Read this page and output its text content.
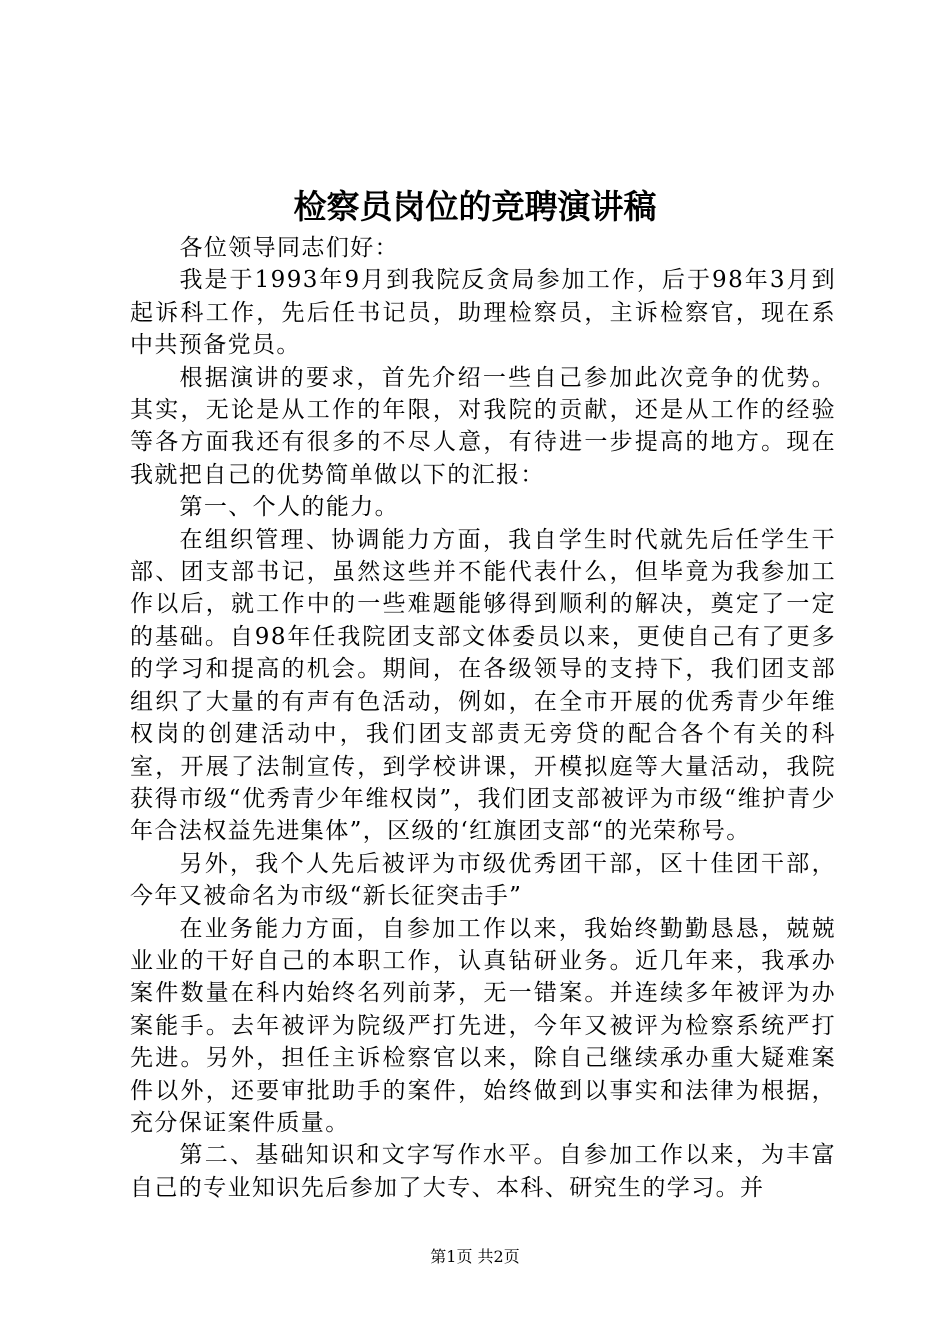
检察员岗位的竞聘演讲稿

各位领导同志们好：

我是于1993年9月到我院反贪局参加工作，后于98年3月到起诉科工作，先后任书记员，助理检察员，主诉检察官，现在系中共预备党员。

根据演讲的要求，首先介绍一些自己参加此次竞争的优势。其实，无论是从工作的年限，对我院的贡献，还是从工作的经验等各方面我还有很多的不尽人意，有待进一步提高的地方。现在我就把自己的优势简单做以下的汇报：

第一、个人的能力。

在组织管理、协调能力方面，我自学生时代就先后任学生干部、团支部书记，虽然这些并不能代表什么，但毕竟为我参加工作以后，就工作中的一些难题能够得到顺利的解决，奠定了一定的基础。自98年任我院团支部文体委员以来，更使自己有了更多的学习和提高的机会。期间，在各级领导的支持下，我们团支部组织了大量的有声有色活动，例如，在全市开展的优秀青少年维权岗的创建活动中，我们团支部责无旁贷的配合各个有关的科室，开展了法制宣传，到学校讲课，开模拟庭等大量活动，我院获得市级“优秀青少年维权岗”，我们团支部被评为市级“维护青少年合法权益先进集体”，区级的‘红旗团支部“的光荣称号。

另外，我个人先后被评为市级优秀团干部，区十佳团干部，今年又被命名为市级“新长征突击手”

在业务能力方面，自参加工作以来，我始终勤勤恳恳，兢兢业业的干好自己的本职工作，认真钻研业务。近几年来，我承办案件数量在科内始终名列前茅，无一错案。并连续多年被评为办案能手。去年被评为院级严打先进，今年又被评为检察系统严打先进。另外，担任主诉检察官以来，除自己继续承办重大疑难案件以外，还要审批助手的案件，始终做到以事实和法律为根据，充分保证案件质量。

第二、基础知识和文字写作水平。自参加工作以来，为丰富自己的专业知识先后参加了大专、本科、研究生的学习。并

第1页 共2页
